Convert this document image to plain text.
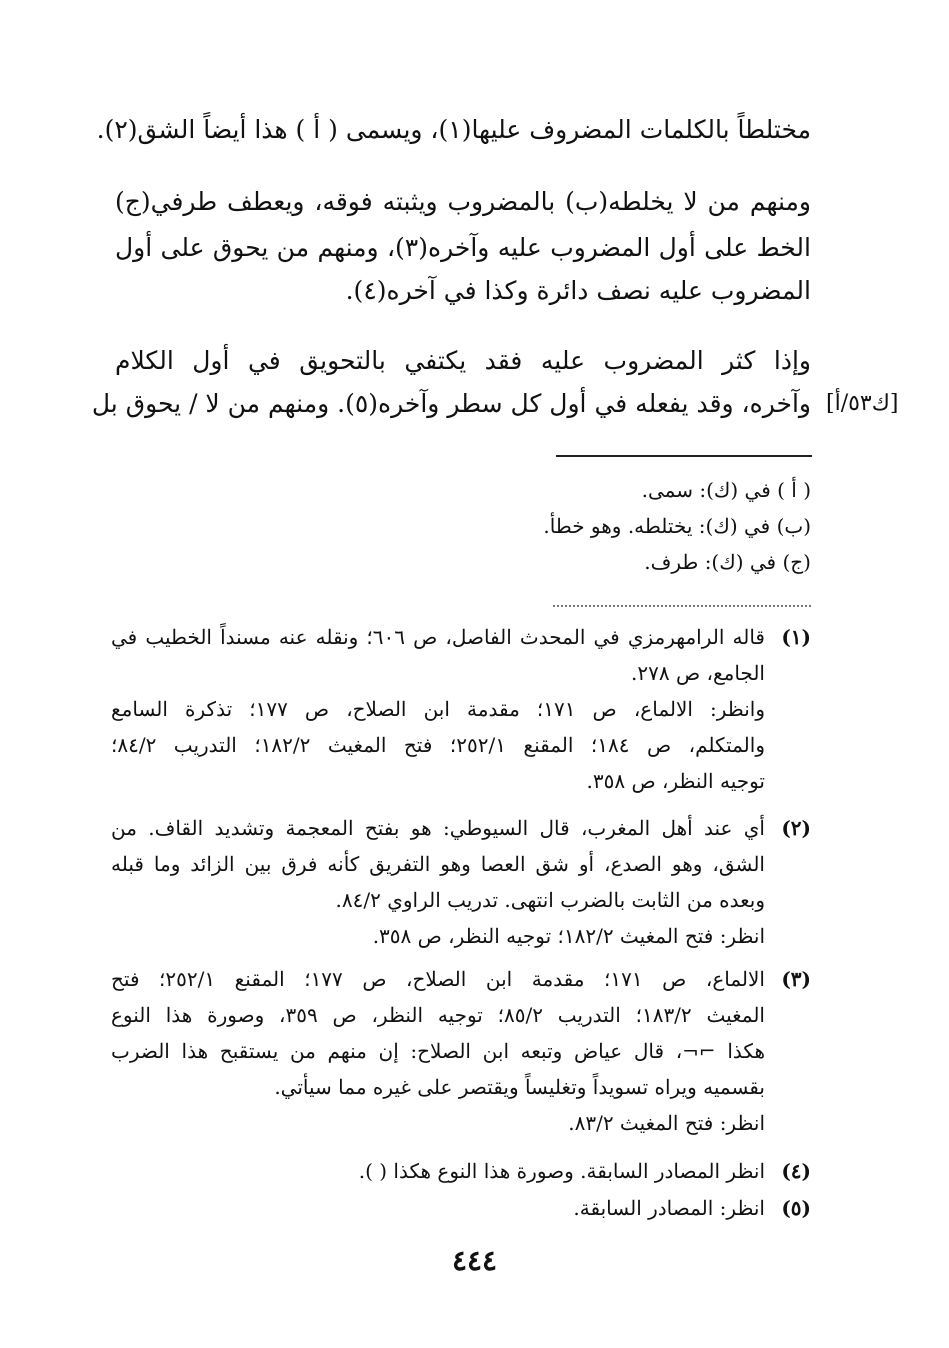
مختلطاً بالكلمات المضروف عليها(١)، ويسمى ( أ ) هذا أيضاً الشق(٢).
ومنهم من لا يخلطه(ب) بالمضروب ويثبته فوقه، ويعطف طرفي(ج)
الخط على أول المضروب عليه وآخره(٣)، ومنهم من يحوق على أول
المضروب عليه نصف دائرة وكذا في آخره(٤).
وإذا كثر المضروب عليه فقد يكتفي بالتحويق في أول الكلام
وآخره، وقد يفعله في أول كل سطر وآخره(٥). ومنهم من لا / يحوق بل [ك٥٣/أ]
( أ ) في (ك): سمى.
(ب) في (ك): يختلطه. وهو خطأ.
(ج) في (ك): طرف.
(١)
قاله الرامهرمزي في المحدث الفاصل، ص ٦٠٦؛ ونقله عنه مسنداً الخطيب في
الجامع، ص ٢٧٨.
وانظر: الالماع، ص ١٧١؛ مقدمة ابن الصلاح، ص ١٧٧؛ تذكرة السامع
والمتكلم، ص ١٨٤؛ المقنع ٢٥٢/١؛ فتح المغيث ١٨٢/٢؛ التدريب ٨٤/٢؛
توجيه النظر، ص ٣٥٨.
(٢)
أي عند أهل المغرب، قال السيوطي: هو بفتح المعجمة وتشديد القاف. من
الشق، وهو الصدع، أو شق العصا وهو التفريق كأنه فرق بين الزائد وما قبله
وبعده من الثابت بالضرب انتهى. تدريب الراوي ٨٤/٢.
انظر: فتح المغيث ١٨٢/٢؛ توجيه النظر، ص ٣٥٨.
(٣)
الالماع، ص ١٧١؛ مقدمة ابن الصلاح، ص ١٧٧؛ المقنع ٢٥٢/١؛ فتح
المغيث ١٨٣/٢؛ التدريب ٨٥/٢؛ توجيه النظر، ص ٣٥٩، وصورة هذا النوع
هكذا ⌐¬، قال عياض وتبعه ابن الصلاح: إن منهم من يستقبح هذا الضرب
بقسميه ويراه تسويداً وتغليساً ويقتصر على غيره مما سيأتي.
انظر: فتح المغيث ٨٣/٢.
(٤)
انظر المصادر السابقة. وصورة هذا النوع هكذا ( ).
(٥)
انظر: المصادر السابقة.
٤٤٤
